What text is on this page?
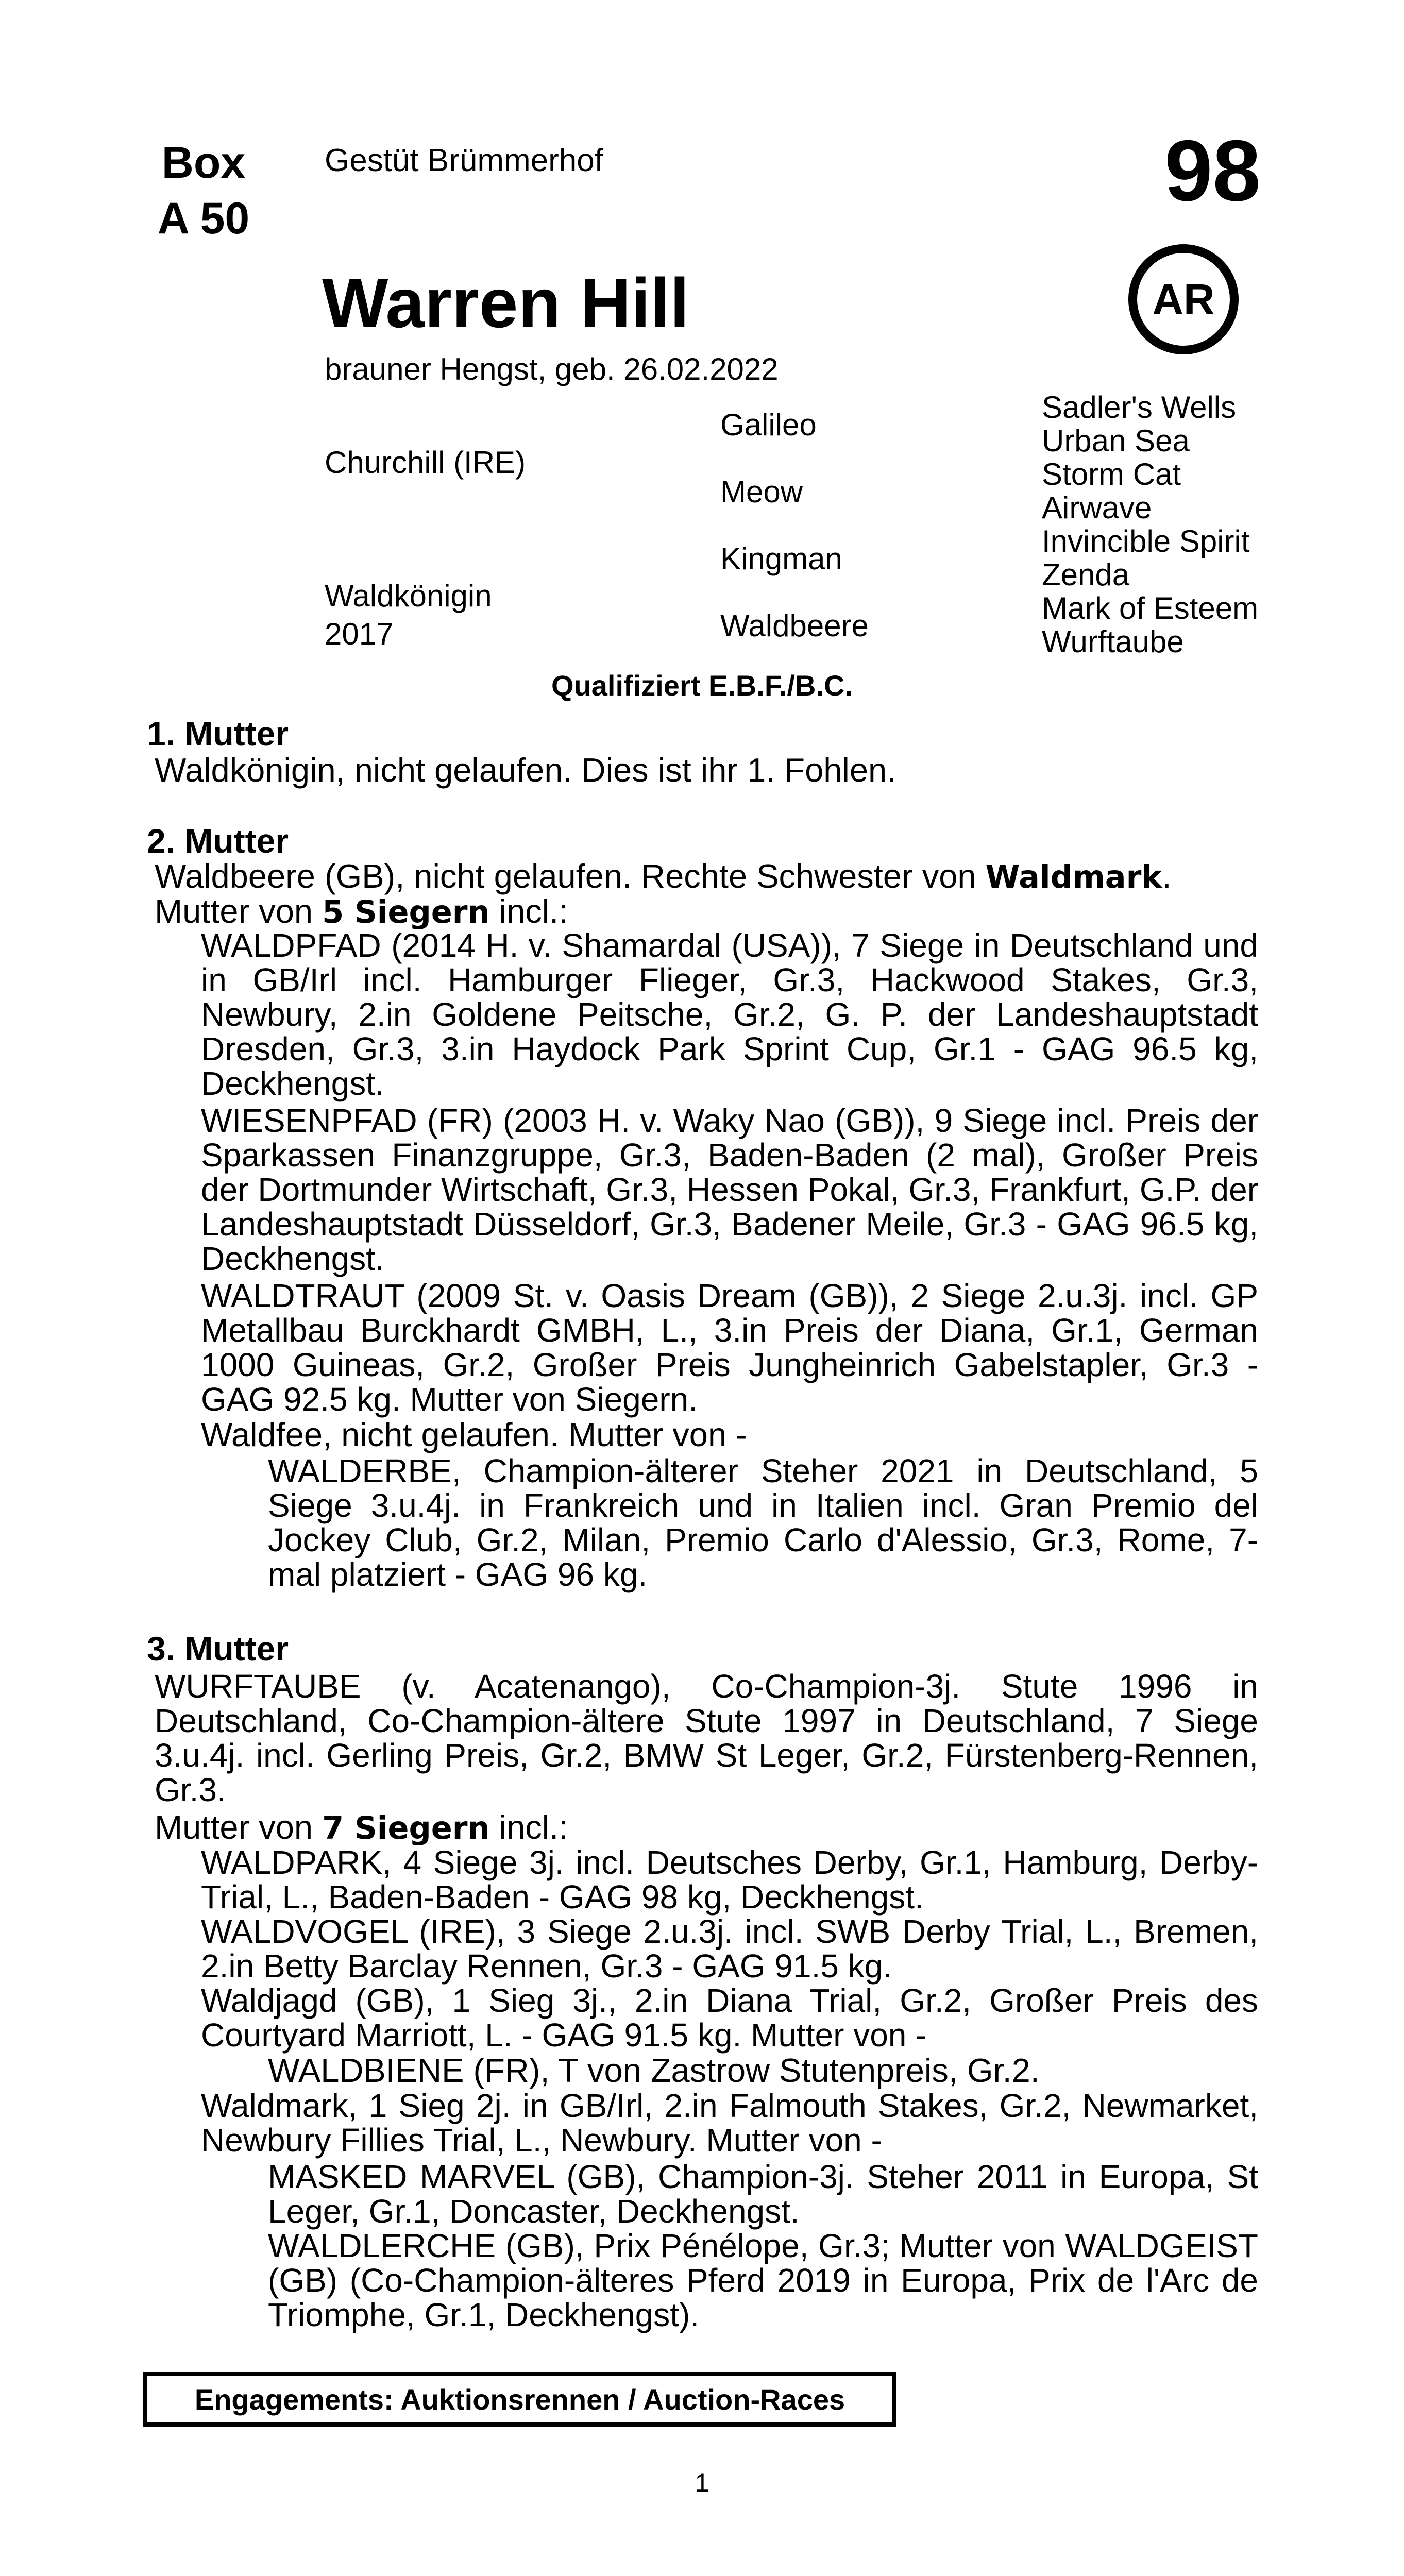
Box
A 50
Gestüt Brümmerhof	98
AR
Warren Hill
brauner Hengst, geb. 26.02.2022
Churchill (IRE)
Waldkönigin
2017
Galileo
Meow
Kingman
Waldbeere
Sadler's Wells
Urban Sea
Storm Cat
Airwave
Invincible Spirit
Zenda
Mark of Esteem
Wurftaube
Qualifiziert E.B.F./B.C.
1. Mutter
Waldkönigin, nicht gelaufen. Dies ist ihr 1. Fohlen.
2. Mutter
Waldbeere (GB), nicht gelaufen. Rechte Schwester von Waldmark.
Mutter von 5 Siegern incl.:
WALDPFAD (2014 H. v. Shamardal (USA)), 7 Siege in Deutschland und in GB/Irl incl. Hamburger Flieger, Gr.3, Hackwood Stakes, Gr.3, Newbury, 2.in Goldene Peitsche, Gr.2, G. P. der Landeshauptstadt Dresden, Gr.3, 3.in Haydock Park Sprint Cup, Gr.1 - GAG 96.5 kg, Deckhengst.
WIESENPFAD (FR) (2003 H. v. Waky Nao (GB)), 9 Siege incl. Preis der Sparkassen Finanzgruppe, Gr.3, Baden-Baden (2 mal), Großer Preis der Dortmunder Wirtschaft, Gr.3, Hessen Pokal, Gr.3, Frankfurt, G.P. der Landeshauptstadt Düsseldorf, Gr.3, Badener Meile, Gr.3 - GAG 96.5 kg, Deckhengst.
WALDTRAUT (2009 St. v. Oasis Dream (GB)), 2 Siege 2.u.3j. incl. GP Metallbau Burckhardt GMBH, L., 3.in Preis der Diana, Gr.1, German 1000 Guineas, Gr.2, Großer Preis Jungheinrich Gabelstapler, Gr.3 - GAG 92.5 kg. Mutter von Siegern.
Waldfee, nicht gelaufen. Mutter von -
WALDERBE, Champion-älterer Steher 2021 in Deutschland, 5 Siege 3.u.4j. in Frankreich und in Italien incl. Gran Premio del Jockey Club, Gr.2, Milan, Premio Carlo d'Alessio, Gr.3, Rome, 7-mal platziert - GAG 96 kg.
3. Mutter
WURFTAUBE (v. Acatenango), Co-Champion-3j. Stute 1996 in Deutschland, Co-Champion-ältere Stute 1997 in Deutschland, 7 Siege 3.u.4j. incl. Gerling Preis, Gr.2, BMW St Leger, Gr.2, Fürstenberg-Rennen, Gr.3.
Mutter von 7 Siegern incl.:
WALDPARK, 4 Siege 3j. incl. Deutsches Derby, Gr.1, Hamburg, Derby-Trial, L., Baden-Baden - GAG 98 kg, Deckhengst.
WALDVOGEL (IRE), 3 Siege 2.u.3j. incl. SWB Derby Trial, L., Bremen, 2.in Betty Barclay Rennen, Gr.3 - GAG 91.5 kg.
Waldjagd (GB), 1 Sieg 3j., 2.in Diana Trial, Gr.2, Großer Preis des Courtyard Marriott, L. - GAG 91.5 kg. Mutter von -
WALDBIENE (FR), T von Zastrow Stutenpreis, Gr.2.
Waldmark, 1 Sieg 2j. in GB/Irl, 2.in Falmouth Stakes, Gr.2, Newmarket, Newbury Fillies Trial, L., Newbury. Mutter von -
MASKED MARVEL (GB), Champion-3j. Steher 2011 in Europa, St Leger, Gr.1, Doncaster, Deckhengst.
WALDLERCHE (GB), Prix Pénélope, Gr.3; Mutter von WALDGEIST (GB) (Co-Champion-älteres Pferd 2019 in Europa, Prix de l'Arc de Triomphe, Gr.1, Deckhengst).
Engagements: Auktionsrennen / Auction-Races
1
